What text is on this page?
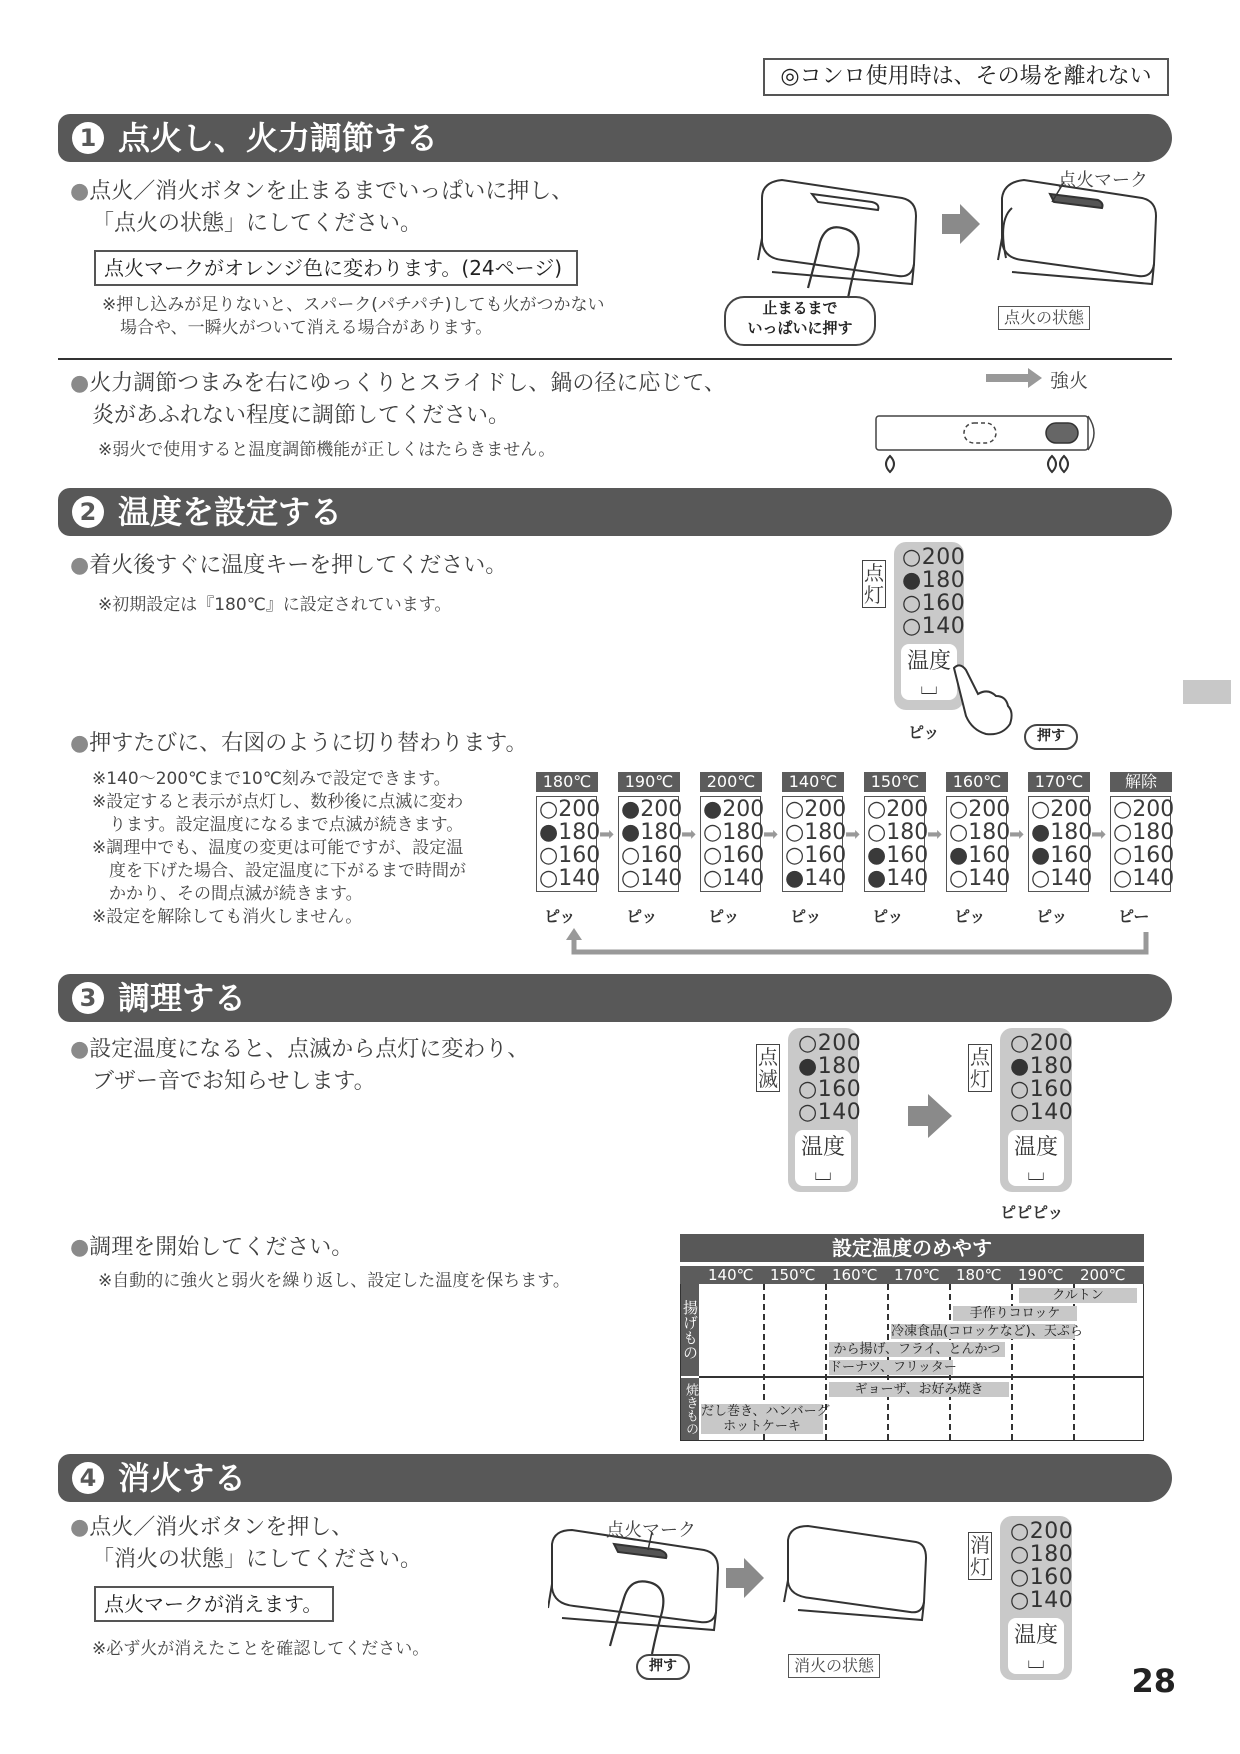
◎コンロ使用時は、その場を離れない
1 点火し、火力調節する
●点火／消火ボタンを止まるまでいっぱいに押し、
「点火の状態」にしてください。
点火マークがオレンジ色に変わります。(24ページ)
※押し込みが足りないと、スパーク(パチパチ)しても火がつかない
場合や、一瞬火がついて消える場合があります。
点火マーク
止まるまで
いっぱいに押す
点火の状態
●火力調節つまみを右にゆっくりとスライドし、鍋の径に応じて、
炎があふれない程度に調節してください。
※弱火で使用すると温度調節機能が正しくはたらきません。
強火
2 温度を設定する
●着火後すぐに温度キーを押してください。
※初期設定は『180℃』に設定されています。
点
灯
○200
●180
○160
○140
温度
⌴
ピッ	押す
●押すたびに、右図のように切り替わります。
※140〜200℃まで10℃刻みで設定できます。
※設定すると表示が点灯し、数秒後に点滅に変わ
　ります。設定温度になるまで点滅が続きます。
※調理中でも、温度の変更は可能ですが、設定温
　度を下げた場合、設定温度に下がるまで時間が
　かかり、その間点滅が続きます。
※設定を解除しても消火しません。
180℃
○200
●180
○160
○140
ピッ
➡
190℃
●200
●180
○160
○140
ピッ
➡
200℃
●200
○180
○160
○140
ピッ
➡
140℃
○200
○180
○160
●140
ピッ
➡
150℃
○200
○180
●160
●140
ピッ
➡
160℃
○200
○180
●160
○140
ピッ
➡
170℃
○200
●180
●160
○140
ピッ
➡
解除
○200
○180
○160
○140
ピー
3 調理する
●設定温度になると、点滅から点灯に変わり、
ブザー音でお知らせします。
点
滅
○200
●180
○160
○140
温度
⌴
点
灯
○200
●180
○160
○140
温度
⌴
ピピピッ
●調理を開始してください。
※自動的に強火と弱火を繰り返し、設定した温度を保ちます。
設定温度のめやす
140℃ 150℃ 160℃ 170℃ 180℃ 190℃ 200℃
揚げもの
焼きもの
クルトン
手作りコロッケ
冷凍食品(コロッケなど)、天ぷら
から揚げ、フライ、とんかつ
ドーナツ、フリッター
ギョーザ、お好み焼き
だし巻き、ハンバーグ
ホットケーキ
4 消火する
●点火／消火ボタンを押し、
「消火の状態」にしてください。
点火マークが消えます。
※必ず火が消えたことを確認してください。
点火マーク
押す	消火の状態
消
灯
○200
○180
○160
○140
温度
⌴
28
